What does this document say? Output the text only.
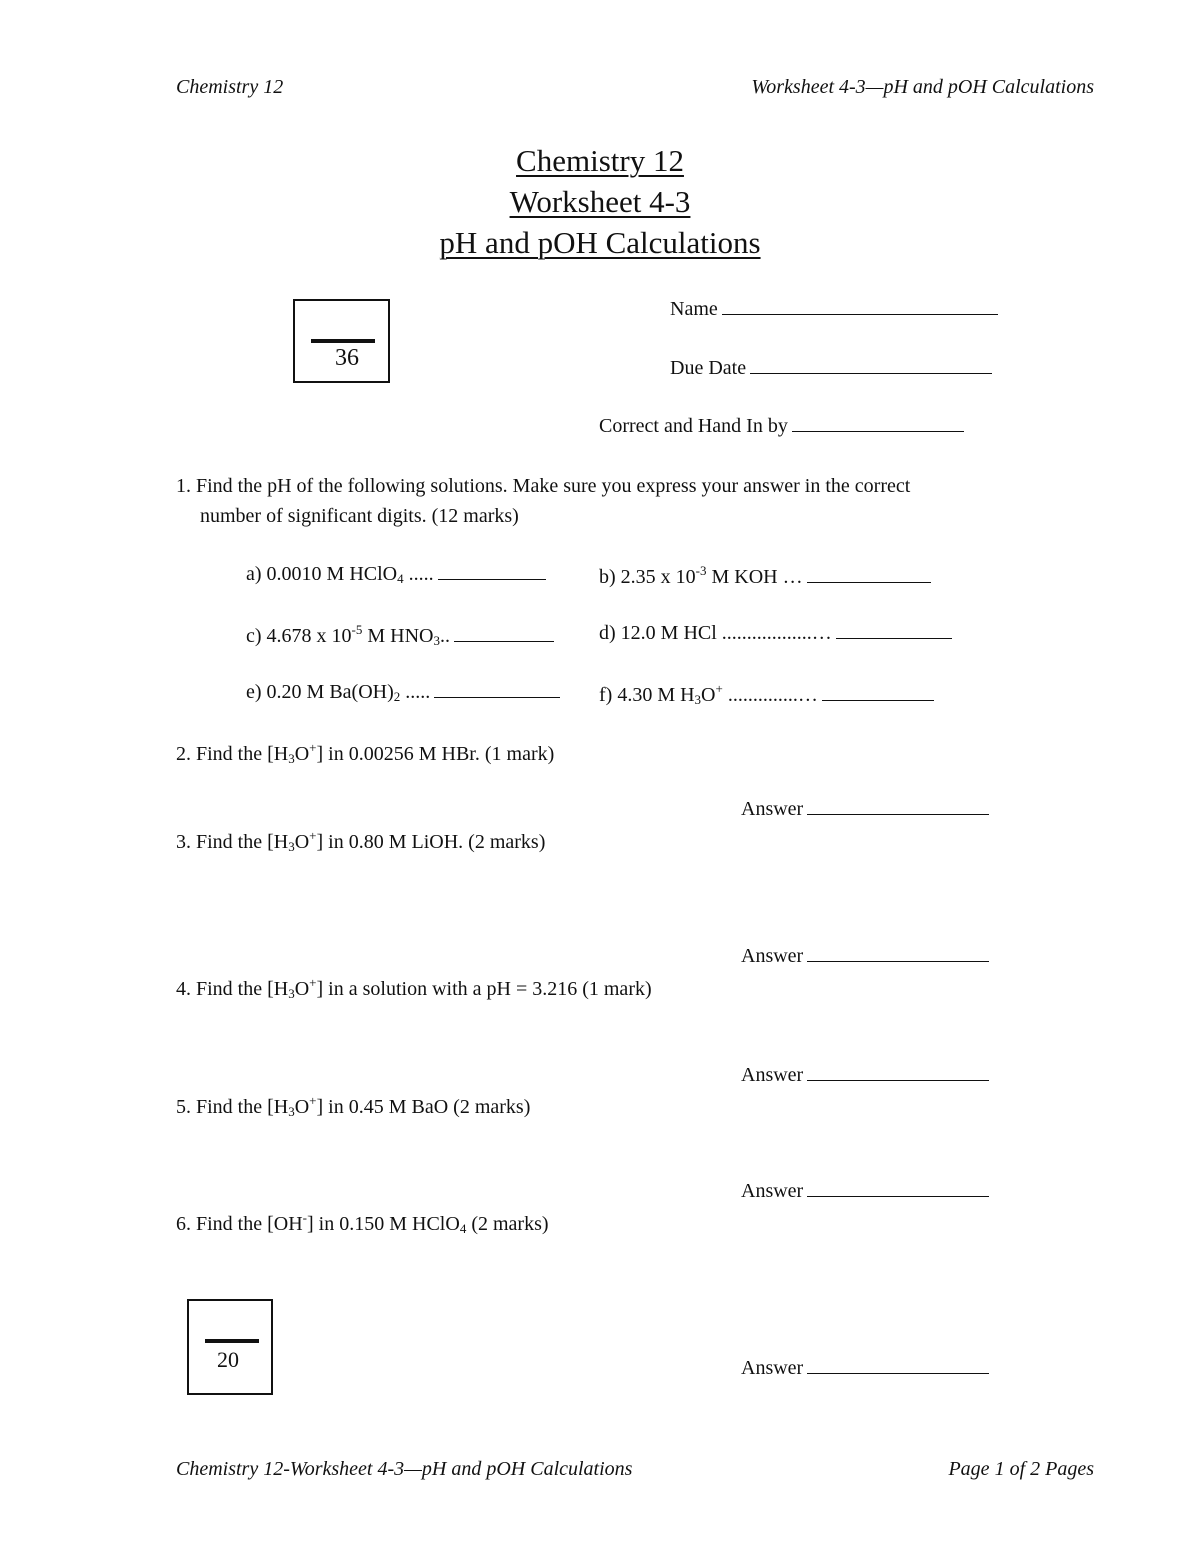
Chemistry 12	Worksheet 4-3—pH and pOH Calculations
Chemistry 12
Worksheet 4-3
pH and pOH Calculations
36
Name
Due Date
Correct and Hand In by
1. Find the pH of the following solutions. Make sure you express your answer in the correct
number of significant digits. (12 marks)
a) 0.0010 M HClO$_4$ .....	b) 2.35 x $10^{-3}$ M KOH …
c) 4.678 x $10^{-5}$ M $HNO_3$..	d) 12.0 M HCl ..................…
e) 0.20 M $Ba(OH)_2$ .....	f) 4.30 M $H_3O^+$ ..............…
2. Find the $[H_3O^+]$ in 0.00256 M HBr. (1 mark)
Answer
3. Find the $[H_3O^+]$ in 0.80 M LiOH. (2 marks)
Answer
4. Find the $[H_3O^+]$ in a solution with a pH = 3.216 (1 mark)
Answer
5. Find the $[H_3O^+]$ in 0.45 M BaO (2 marks)
Answer
6. Find the [OH-] in 0.150 M HClO$_4$ (2 marks)
20	Answer
Chemistry 12-Worksheet 4-3—pH and pOH Calculations	Page 1 of 2 Pages
